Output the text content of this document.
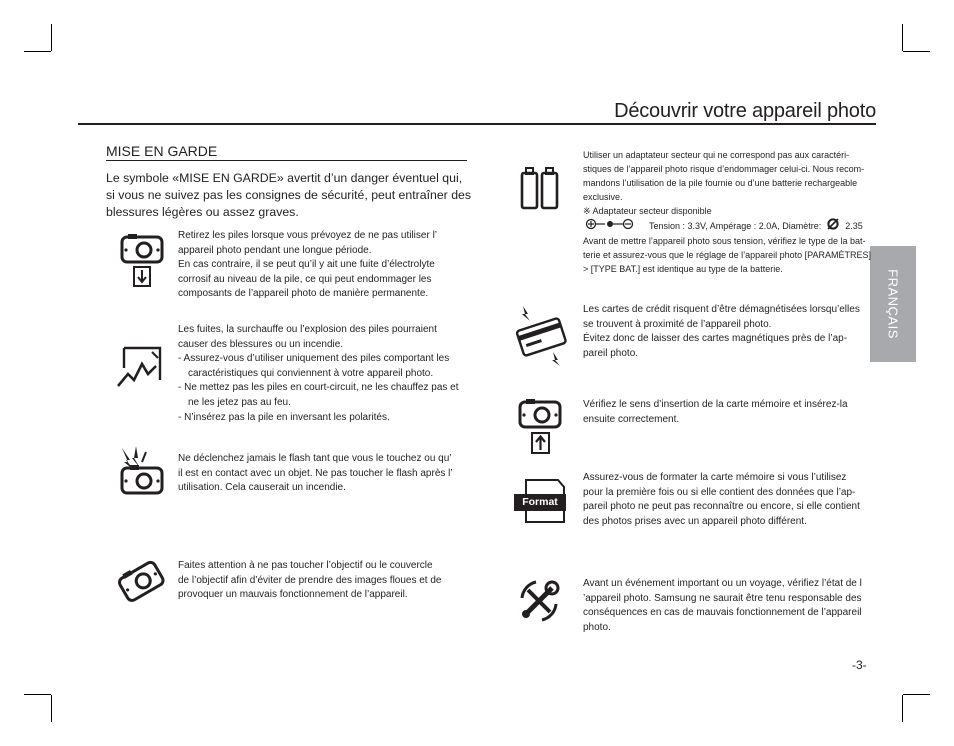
Découvrir votre appareil photo
FRANÇAIS
MISE EN GARDE
Le symbole «MISE EN GARDE» avertit d’un danger éventuel qui, si vous ne suivez pas les consignes de sécurité, peut entraîner des blessures légères ou assez graves.

Retirez les piles lorsque vous prévoyez de ne pas utiliser l’

appareil photo pendant une longue période.

En cas contraire, il se peut qu’il y ait une fuite d’électrolyte

corrosif au niveau de la pile, ce qui peut endommager les

composants de l’appareil photo de manière permanente.

Les fuites, la surchauffe ou l’explosion des piles pourraient

causer des blessures ou un incendie.

- Assurez-vous d’utiliser uniquement des piles comportant les caractéristiques qui conviennent à votre appareil photo.

- Ne mettez pas les piles en court-circuit, ne les chauffez pas et ne les jetez pas au feu.

- N’insérez pas la pile en inversant les polarités.

Ne déclenchez jamais le flash tant que vous le touchez ou qu’

il est en contact avec un objet. Ne pas toucher le flash après l’

utilisation. Cela causerait un incendie.

Faites attention à ne pas toucher l’objectif ou le couvercle

de l’objectif afin d’éviter de prendre des images floues et de

provoquer un mauvais fonctionnement de l’appareil.

Utiliser un adaptateur secteur qui ne correspond pas aux caractéri-

stiques de l’appareil photo risque d’endommager celui-ci. Nous recom-

mandons l’utilisation de la pile fournie ou d’une batterie rechargeable

exclusive.

※ Adaptateur secteur disponible

Tension : 3.3V, Ampérage : 2.0A, Diamètre:	2.35

Avant de mettre l’appareil photo sous tension, vérifiez le type de la bat-

terie et assurez-vous que le réglage de l’appareil photo [PARAMÈTRES]

> [TYPE BAT.] est identique au type de la batterie.

Les cartes de crédit risquent d’être démagnétisées lorsqu’elles

se trouvent à proximité de l’appareil photo.

Évitez donc de laisser des cartes magnétiques près de l’ap-

pareil photo.

Vérifiez le sens d’insertion de la carte mémoire et insérez-la

ensuite correctement.

Format

Assurez-vous de formater la carte mémoire si vous l’utilisez

pour la première fois ou si elle contient des données que l’ap-

pareil photo ne peut pas reconnaître ou encore, si elle contient

des photos prises avec un appareil photo différent.

Avant un événement important ou un voyage, vérifiez l’état de l

’appareil photo. Samsung ne saurait être tenu responsable des

conséquences en cas de mauvais fonctionnement de l’appareil

photo.

-3-
